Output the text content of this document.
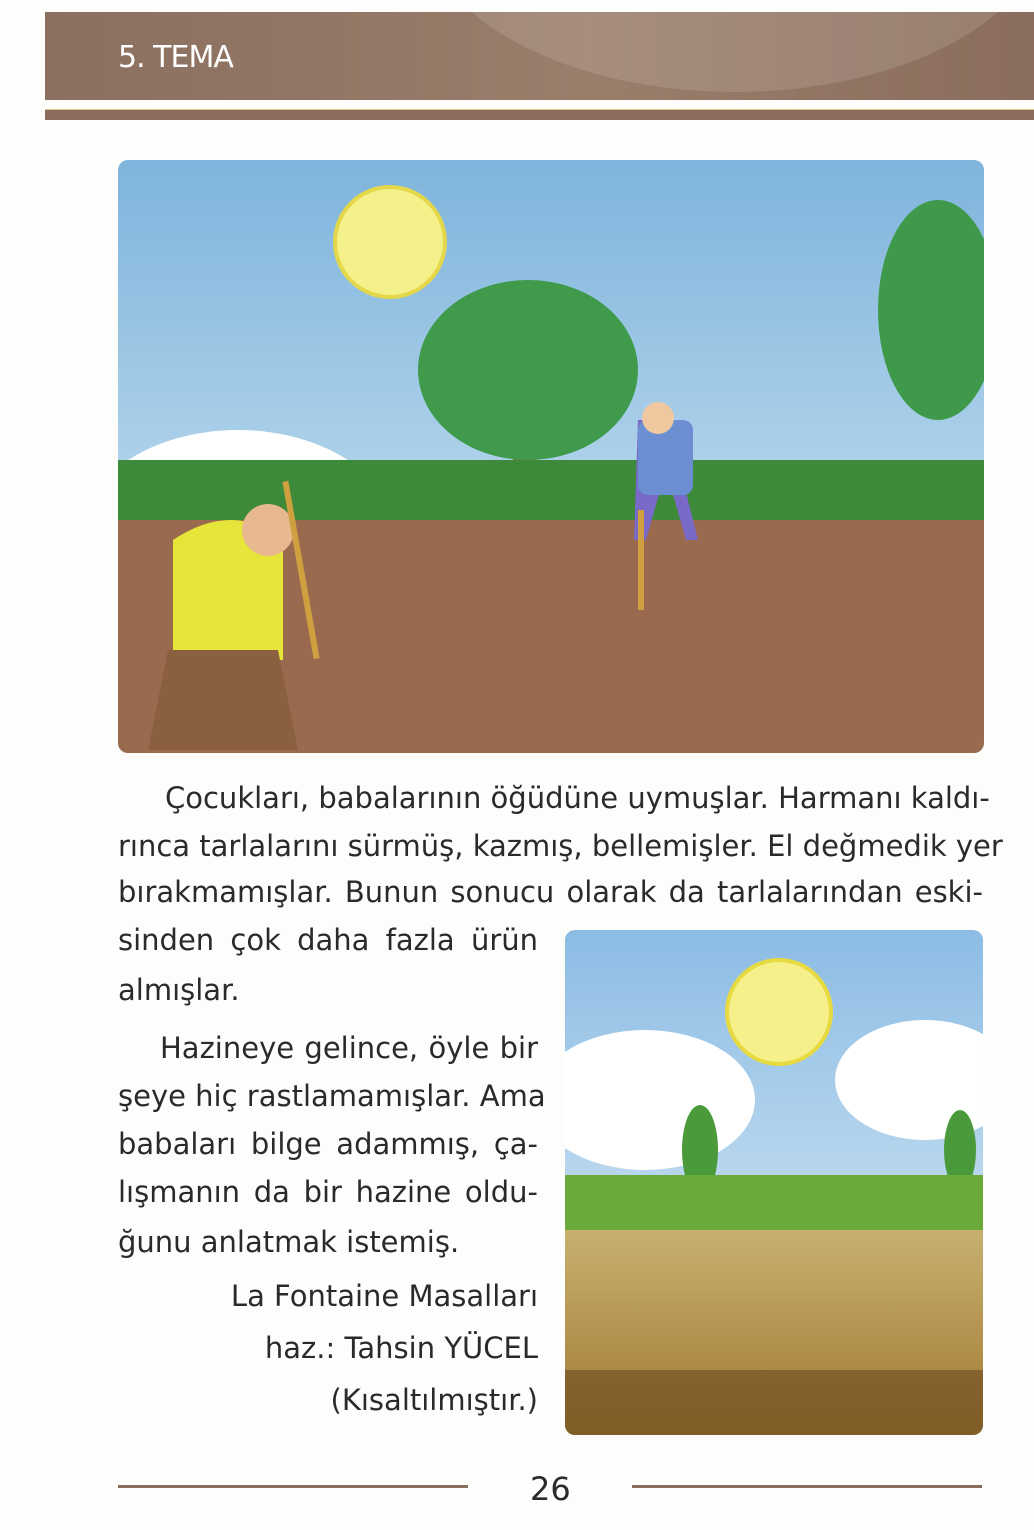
5. TEMA
Çocukları, babalarının öğüdüne uymuşlar. Harmanı kaldı-
rınca tarlalarını sürmüş, kazmış, bellemişler. El değmedik yer
bırakmamışlar. Bunun sonucu olarak da tarlalarından eski-
sinden çok daha fazla ürün
almışlar.
Hazineye gelince, öyle bir
şeye hiç rastlamamışlar. Ama
babaları bilge adammış, ça-
lışmanın da bir hazine oldu-
ğunu anlatmak istemiş.
La Fontaine Masalları
haz.: Tahsin YÜCEL
(Kısaltılmıştır.)
26
